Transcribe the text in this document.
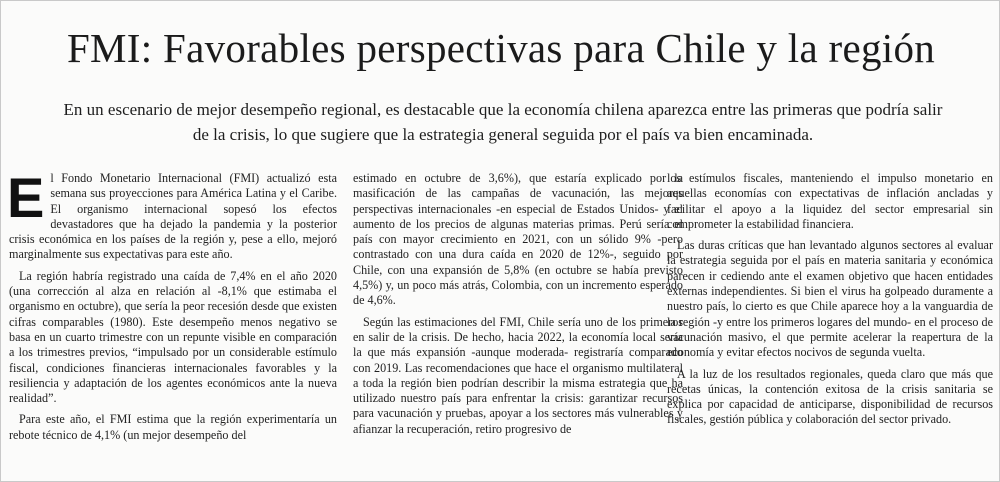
FMI: Favorables perspectivas para Chile y la región
En un escenario de mejor desempeño regional, es destacable que la economía chilena aparezca entre las primeras que podría salir de la crisis, lo que sugiere que la estrategia general seguida por el país va bien encaminada.

El Fondo Monetario Internacional (FMI) actualizó esta semana sus proyecciones para América Latina y el Caribe. El organismo internacional sopesó los efectos devastadores que ha dejado la pandemia y la posterior crisis económica en los países de la región y, pese a ello, mejoró marginalmente sus expectativas para este año.

La región habría registrado una caída de 7,4% en el año 2020 (una corrección al alza en relación al -8,1% que estimaba el organismo en octubre), que sería la peor recesión desde que existen cifras comparables (1980). Este desempeño menos negativo se basa en un cuarto trimestre con un repunte visible en comparación a los trimestres previos, “impulsado por un considerable estímulo fiscal, condiciones financieras internacionales favorables y la resiliencia y adaptación de los agentes económicos ante la nueva realidad”.

Para este año, el FMI estima que la región experimentaría un rebote técnico de 4,1% (un mejor desempeño del

estimado en octubre de 3,6%), que estaría explicado por la masificación de las campañas de vacunación, las mejores perspectivas internacionales -en especial de Estados Unidos- y el aumento de los precios de algunas materias primas. Perú sería el país con mayor crecimiento en 2021, con un sólido 9% -pero contrastado con una dura caída en 2020 de 12%-, seguido por Chile, con una expansión de 5,8% (en octubre se había previsto 4,5%) y, un poco más atrás, Colombia, con un incremento esperado de 4,6%.

Según las estimaciones del FMI, Chile sería uno de los primeros en salir de la crisis. De hecho, hacia 2022, la economía local sería la que más expansión -aunque moderada- registraría comparado con 2019. Las recomendaciones que hace el organismo multilateral a toda la región bien podrían describir la misma estrategia que ha utilizado nuestro país para enfrentar la crisis: garantizar recursos para vacunación y pruebas, apoyar a los sectores más vulnerables y afianzar la recuperación, retiro progresivo de

los estímulos fiscales, manteniendo el impulso monetario en aquellas economías con expectativas de inflación ancladas y facilitar el apoyo a la liquidez del sector empresarial sin comprometer la estabilidad financiera.

Las duras críticas que han levantado algunos sectores al evaluar la estrategia seguida por el país en materia sanitaria y económica parecen ir cediendo ante el examen objetivo que hacen entidades externas independientes. Si bien el virus ha golpeado duramente a nuestro país, lo cierto es que Chile aparece hoy a la vanguardia de la región -y entre los primeros logares del mundo- en el proceso de vacunación masivo, el que permite acelerar la reapertura de la economía y evitar efectos nocivos de segunda vuelta.

A la luz de los resultados regionales, queda claro que más que recetas únicas, la contención exitosa de la crisis sanitaria se explica por capacidad de anticiparse, disponibilidad de recursos fiscales, gestión pública y colaboración del sector privado.
